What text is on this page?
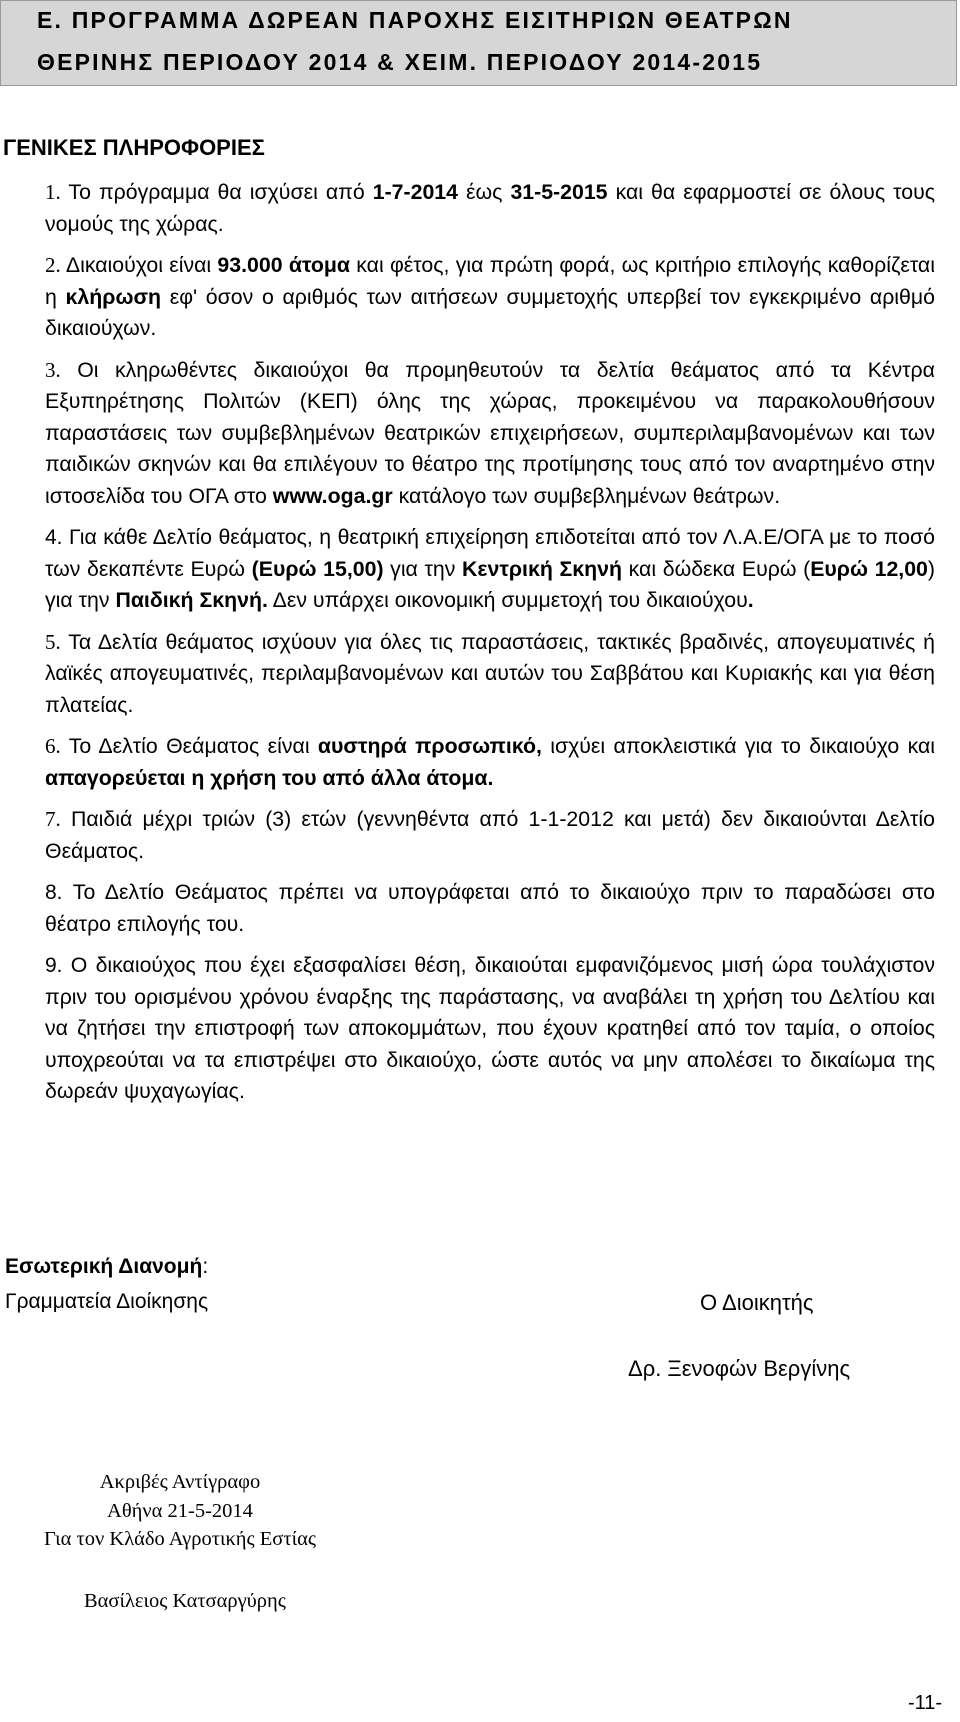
Ε. ΠΡΟΓΡΑΜΜΑ ΔΩΡΕΑΝ ΠΑΡΟΧΗΣ ΕΙΣΙΤΗΡΙΩΝ ΘΕΑΤΡΩΝ
ΘΕΡΙΝΗΣ ΠΕΡΙΟΔΟΥ 2014 & ΧΕΙΜ. ΠΕΡΙΟΔΟΥ 2014-2015
ΓΕΝΙΚΕΣ ΠΛΗΡΟΦΟΡΙΕΣ

1. Το πρόγραμμα θα ισχύσει από 1-7-2014 έως 31-5-2015 και θα εφαρμοστεί σε όλους τους νομούς της χώρας.

2. Δικαιούχοι είναι 93.000 άτομα και φέτος, για πρώτη φορά, ως κριτήριο επιλογής καθορίζεται η κλήρωση εφ' όσον ο αριθμός των αιτήσεων συμμετοχής υπερβεί τον εγκεκριμένο αριθμό δικαιούχων.

3. Οι κληρωθέντες δικαιούχοι θα προμηθευτούν τα δελτία θεάματος από τα Κέντρα Εξυπηρέτησης Πολιτών (ΚΕΠ) όλης της χώρας, προκειμένου να παρακολουθήσουν παραστάσεις των συμβεβλημένων θεατρικών επιχειρήσεων, συμπεριλαμβανομένων και των παιδικών σκηνών και θα επιλέγουν το θέατρο της προτίμησης τους από τον αναρτημένο στην ιστοσελίδα του ΟΓΑ στο www.oga.gr κατάλογο των συμβεβλημένων θεάτρων.

4. Για κάθε Δελτίο θεάματος, η θεατρική επιχείρηση επιδοτείται από τον Λ.Α.Ε/ΟΓΑ με το ποσό των δεκαπέντε Ευρώ (Ευρώ 15,00) για την Κεντρική Σκηνή και δώδεκα Ευρώ (Ευρώ 12,00) για την Παιδική Σκηνή. Δεν υπάρχει οικονομική συμμετοχή του δικαιούχου.

5. Τα Δελτία θεάματος ισχύουν για όλες τις παραστάσεις, τακτικές βραδινές, απογευματινές ή λαϊκές απογευματινές, περιλαμβανομένων και αυτών του Σαββάτου και Κυριακής και για θέση πλατείας.

6. Το Δελτίο Θεάματος είναι αυστηρά προσωπικό, ισχύει αποκλειστικά για το δικαιούχο και απαγορεύεται η χρήση του από άλλα άτομα.

7. Παιδιά μέχρι τριών (3) ετών (γεννηθέντα από 1-1-2012 και μετά) δεν δικαιούνται Δελτίο Θεάματος.

8. Το Δελτίο Θεάματος πρέπει να υπογράφεται από το δικαιούχο πριν το παραδώσει στο θέατρο επιλογής του.

9. Ο δικαιούχος που έχει εξασφαλίσει θέση, δικαιούται εμφανιζόμενος μισή ώρα τουλάχιστον πριν του ορισμένου χρόνου έναρξης της παράστασης, να αναβάλει τη χρήση του Δελτίου και να ζητήσει την επιστροφή των αποκομμάτων, που έχουν κρατηθεί από τον ταμία, ο οποίος υποχρεούται να τα επιστρέψει στο δικαιούχο, ώστε αυτός να μην απολέσει το δικαίωμα της δωρεάν ψυχαγωγίας.

Εσωτερική Διανομή:
Γραμματεία Διοίκησης	Ο Διοικητής
Δρ. Ξενοφών Βεργίνης
Ακριβές Αντίγραφο
Αθήνα 21-5-2014
Για τον Κλάδο Αγροτικής Εστίας
Βασίλειος Κατσαργύρης
-11-
